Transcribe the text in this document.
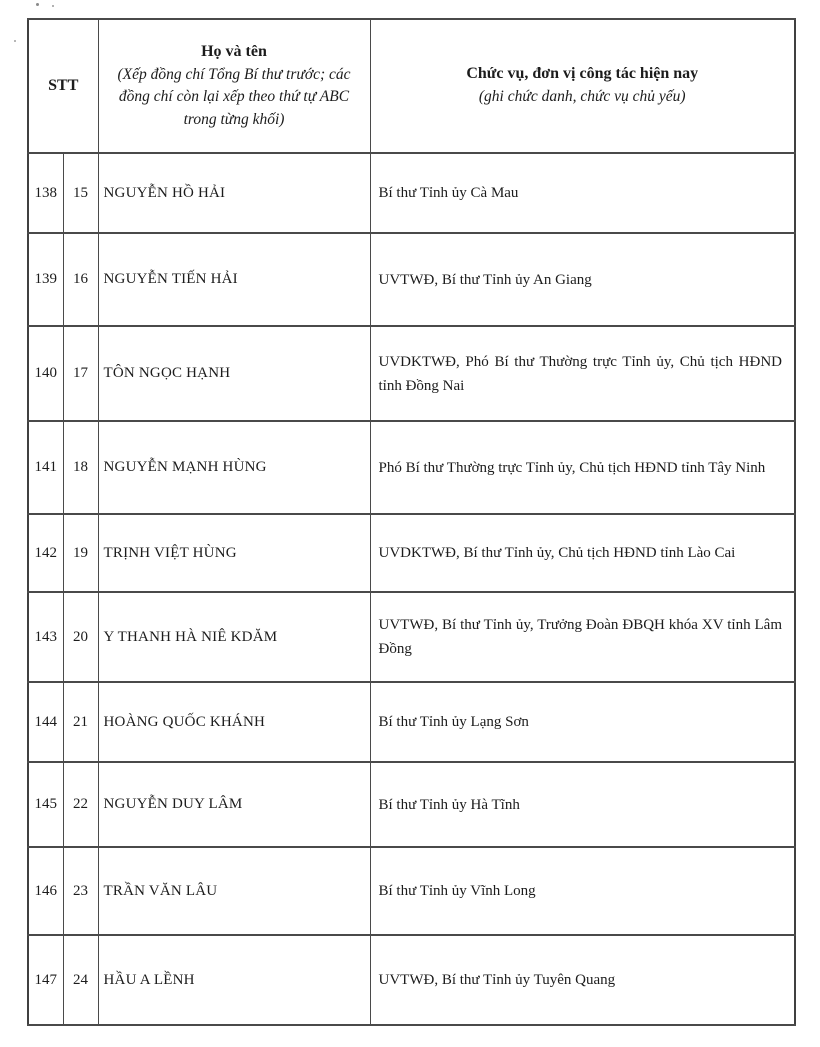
STT

Họ và tên
(Xếp đồng chí Tổng Bí thư trước; các đồng chí còn lại xếp theo thứ tự ABC trong từng khối)

Chức vụ, đơn vị công tác hiện nay
(ghi chức danh, chức vụ chủ yếu)

138	15	NGUYỄN HỒ HẢI	Bí thư Tỉnh ủy Cà Mau
139	16	NGUYỄN TIẾN HẢI	UVTWĐ, Bí thư Tỉnh ủy An Giang
140	17	TÔN NGỌC HẠNH	UVDKTWĐ, Phó Bí thư Thường trực Tỉnh ủy, Chủ tịch HĐND tỉnh Đồng Nai
141	18	NGUYỄN MẠNH HÙNG	Phó Bí thư Thường trực Tỉnh ủy, Chủ tịch HĐND tỉnh Tây Ninh
142	19	TRỊNH VIỆT HÙNG	UVDKTWĐ, Bí thư Tỉnh ủy, Chủ tịch HĐND tỉnh Lào Cai
143	20	Y THANH HÀ NIÊ KDĂM	UVTWĐ, Bí thư Tỉnh ủy, Trưởng Đoàn ĐBQH khóa XV tỉnh Lâm Đồng
144	21	HOÀNG QUỐC KHÁNH	Bí thư Tỉnh ủy Lạng Sơn
145	22	NGUYỄN DUY LÂM	Bí thư Tỉnh ủy Hà Tĩnh
146	23	TRẦN VĂN LÂU	Bí thư Tỉnh ủy Vĩnh Long
147	24	HẦU A LỀNH	UVTWĐ, Bí thư Tỉnh ủy Tuyên Quang
